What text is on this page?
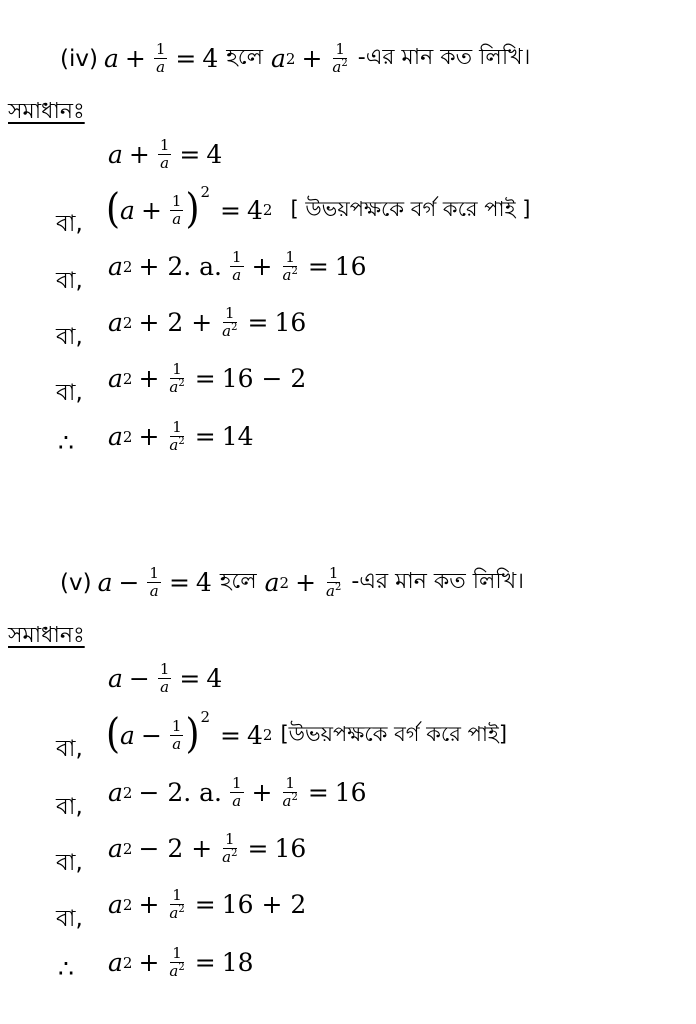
(iv) $a + \frac{1}{a} = 4$ হলে a $2 + \frac{1}{a^2}$ -এর মান কত লিখি।
সমাধানঃ
$a + \frac{1}{a} = 4$
বা, ( $a + \frac{1}{a}$ ) 2
= 4 2 [ উভয়পক্ষকে বর্গ করে পাই ]
বা, a 2 + 2. a. $\frac{1}{a} + \frac{1}{a^2} = 16$
বা, a $2 + 2 + \frac{1}{a^2} = 16$
বা, a $2 + \frac{1}{a^2} = 16 - 2$
∴ a $2 + \frac{1}{a^2} = 14$
(v) $a - \frac{1}{a} = 4$ হলে a $2 + \frac{1}{a^2}$ -এর মান কত লিখি।
সমাধানঃ
$a - \frac{1}{a} = 4$
বা, ( $a - \frac{1}{a}$ ) 2
= 4 2 [উভয়পক্ষকে বর্গ করে পাই]
বা, a 2 − 2. a. $\frac{1}{a} + \frac{1}{a^2} = 16$
বা, a $2 - 2 + \frac{1}{a^2} = 16$
বা, a $2 + \frac{1}{a^2} = 16 + 2$
∴ a $2 + \frac{1}{a^2} = 18$
